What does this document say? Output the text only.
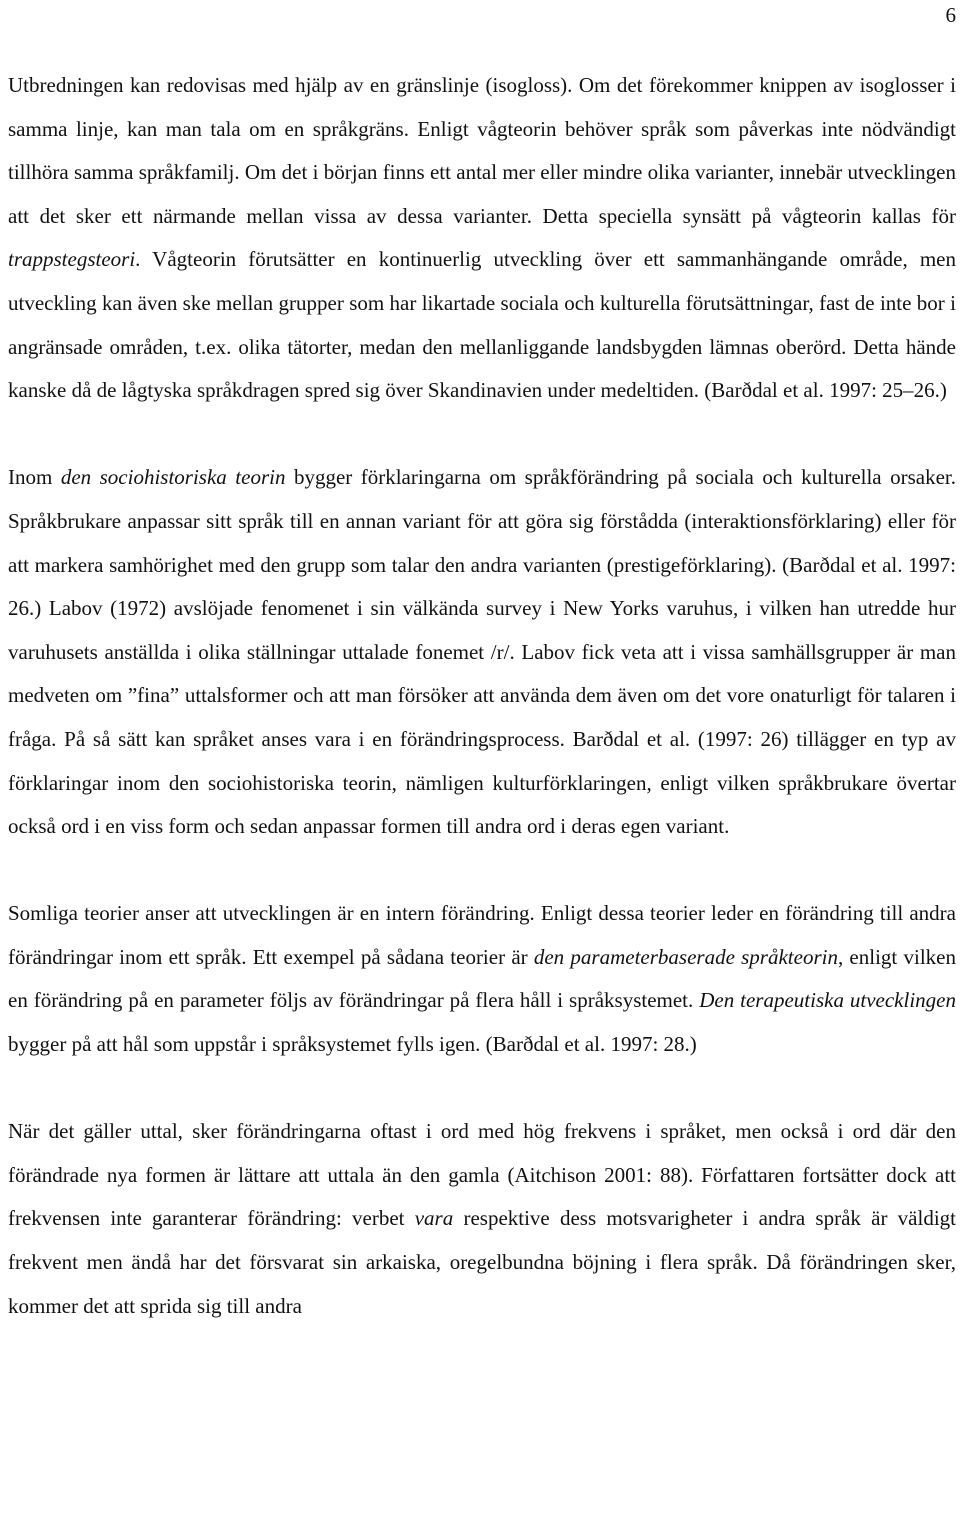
6

Utbredningen kan redovisas med hjälp av en gränslinje (isogloss). Om det förekommer knippen av isoglosser i samma linje, kan man tala om en språkgräns. Enligt vågteorin behöver språk som påverkas inte nödvändigt tillhöra samma språkfamilj. Om det i början finns ett antal mer eller mindre olika varianter, innebär utvecklingen att det sker ett närmande mellan vissa av dessa varianter. Detta speciella synsätt på vågteorin kallas för trappstegsteori. Vågteorin förutsätter en kontinuerlig utveckling över ett sammanhängande område, men utveckling kan även ske mellan grupper som har likartade sociala och kulturella förutsättningar, fast de inte bor i angränsade områden, t.ex. olika tätorter, medan den mellanliggande landsbygden lämnas oberörd. Detta hände kanske då de lågtyska språkdragen spred sig över Skandinavien under medeltiden. (Barðdal et al. 1997: 25–26.)

Inom den sociohistoriska teorin bygger förklaringarna om språkförändring på sociala och kulturella orsaker. Språkbrukare anpassar sitt språk till en annan variant för att göra sig förstådda (interaktionsförklaring) eller för att markera samhörighet med den grupp som talar den andra varianten (prestigeförklaring). (Barðdal et al. 1997: 26.) Labov (1972) avslöjade fenomenet i sin välkända survey i New Yorks varuhus, i vilken han utredde hur varuhusets anställda i olika ställningar uttalade fonemet /r/. Labov fick veta att i vissa samhällsgrupper är man medveten om ”fina” uttalsformer och att man försöker att använda dem även om det vore onaturligt för talaren i fråga. På så sätt kan språket anses vara i en förändringsprocess. Barðdal et al. (1997: 26) tillägger en typ av förklaringar inom den sociohistoriska teorin, nämligen kulturförklaringen, enligt vilken språkbrukare övertar också ord i en viss form och sedan anpassar formen till andra ord i deras egen variant.

Somliga teorier anser att utvecklingen är en intern förändring. Enligt dessa teorier leder en förändring till andra förändringar inom ett språk. Ett exempel på sådana teorier är den parameterbaserade språkteorin, enligt vilken en förändring på en parameter följs av förändringar på flera håll i språksystemet. Den terapeutiska utvecklingen bygger på att hål som uppstår i språksystemet fylls igen. (Barðdal et al. 1997: 28.)

När det gäller uttal, sker förändringarna oftast i ord med hög frekvens i språket, men också i ord där den förändrade nya formen är lättare att uttala än den gamla (Aitchison 2001: 88). Författaren fortsätter dock att frekvensen inte garanterar förändring: verbet vara respektive dess motsvarigheter i andra språk är väldigt frekvent men ändå har det försvarat sin arkaiska, oregelbundna böjning i flera språk. Då förändringen sker, kommer det att sprida sig till andra
